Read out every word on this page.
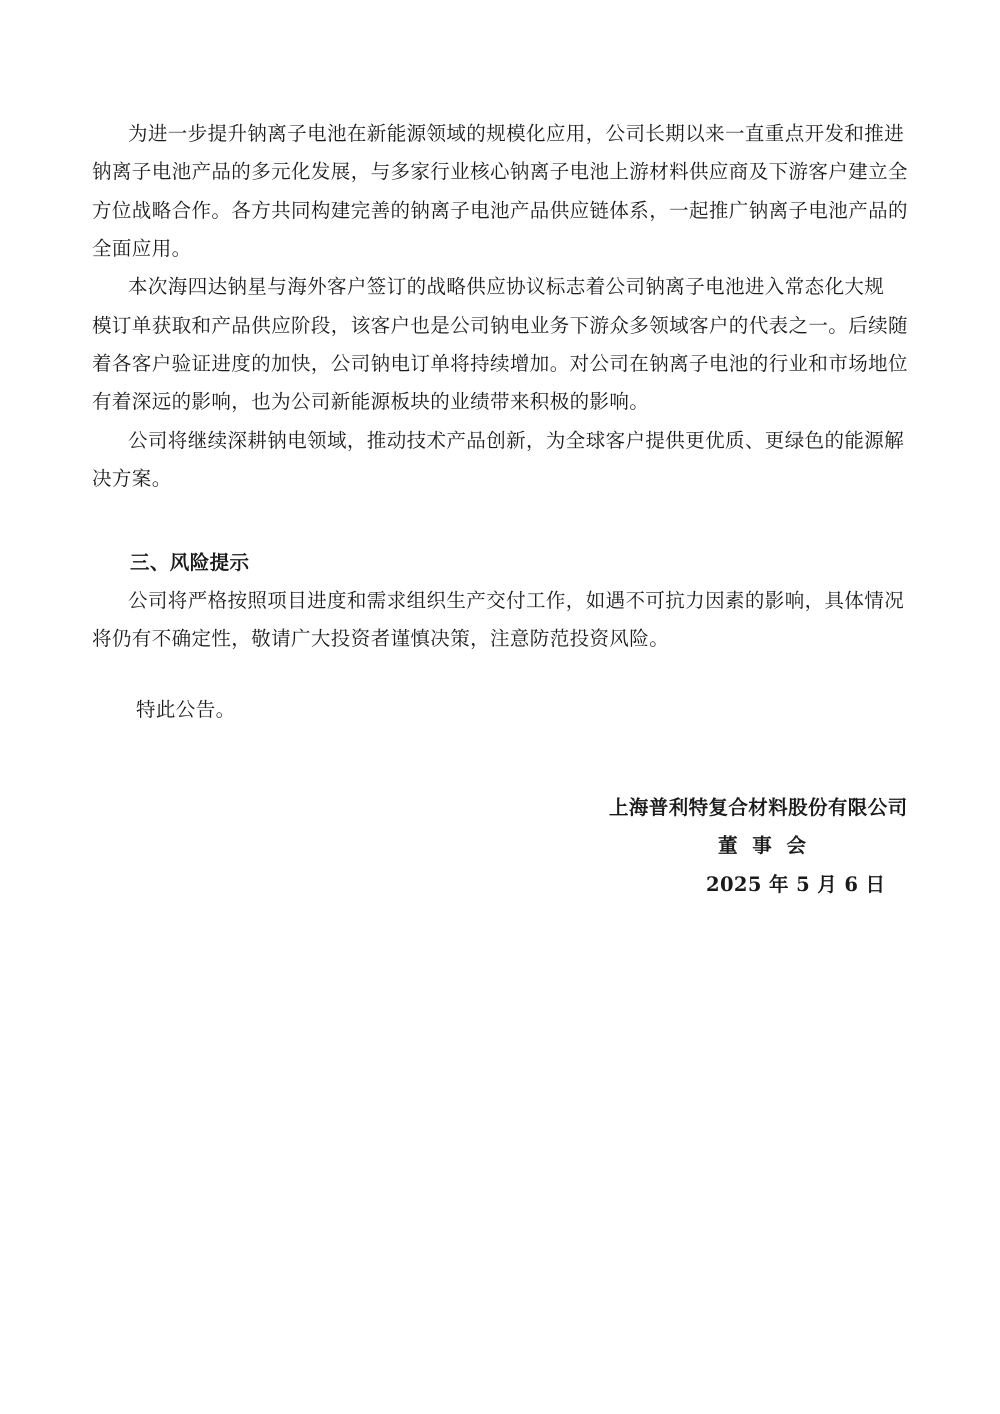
为进一步提升钠离子电池在新能源领域的规模化应用，公司长期以来一直重点开发和推进
钠离子电池产品的多元化发展，与多家行业核心钠离子电池上游材料供应商及下游客户建立全
方位战略合作。各方共同构建完善的钠离子电池产品供应链体系，一起推广钠离子电池产品的
全面应用。
本次海四达钠星与海外客户签订的战略供应协议标志着公司钠离子电池进入常态化大规
模订单获取和产品供应阶段，该客户也是公司钠电业务下游众多领域客户的代表之一。后续随
着各客户验证进度的加快，公司钠电订单将持续增加。对公司在钠离子电池的行业和市场地位
有着深远的影响，也为公司新能源板块的业绩带来积极的影响。
公司将继续深耕钠电领域，推动技术产品创新，为全球客户提供更优质、更绿色的能源解
决方案。
三、风险提示
公司将严格按照项目进度和需求组织生产交付工作，如遇不可抗力因素的影响，具体情况
将仍有不确定性，敬请广大投资者谨慎决策，注意防范投资风险。
特此公告。
上海普利特复合材料股份有限公司
董  事  会
2025 年 5 月 6 日
